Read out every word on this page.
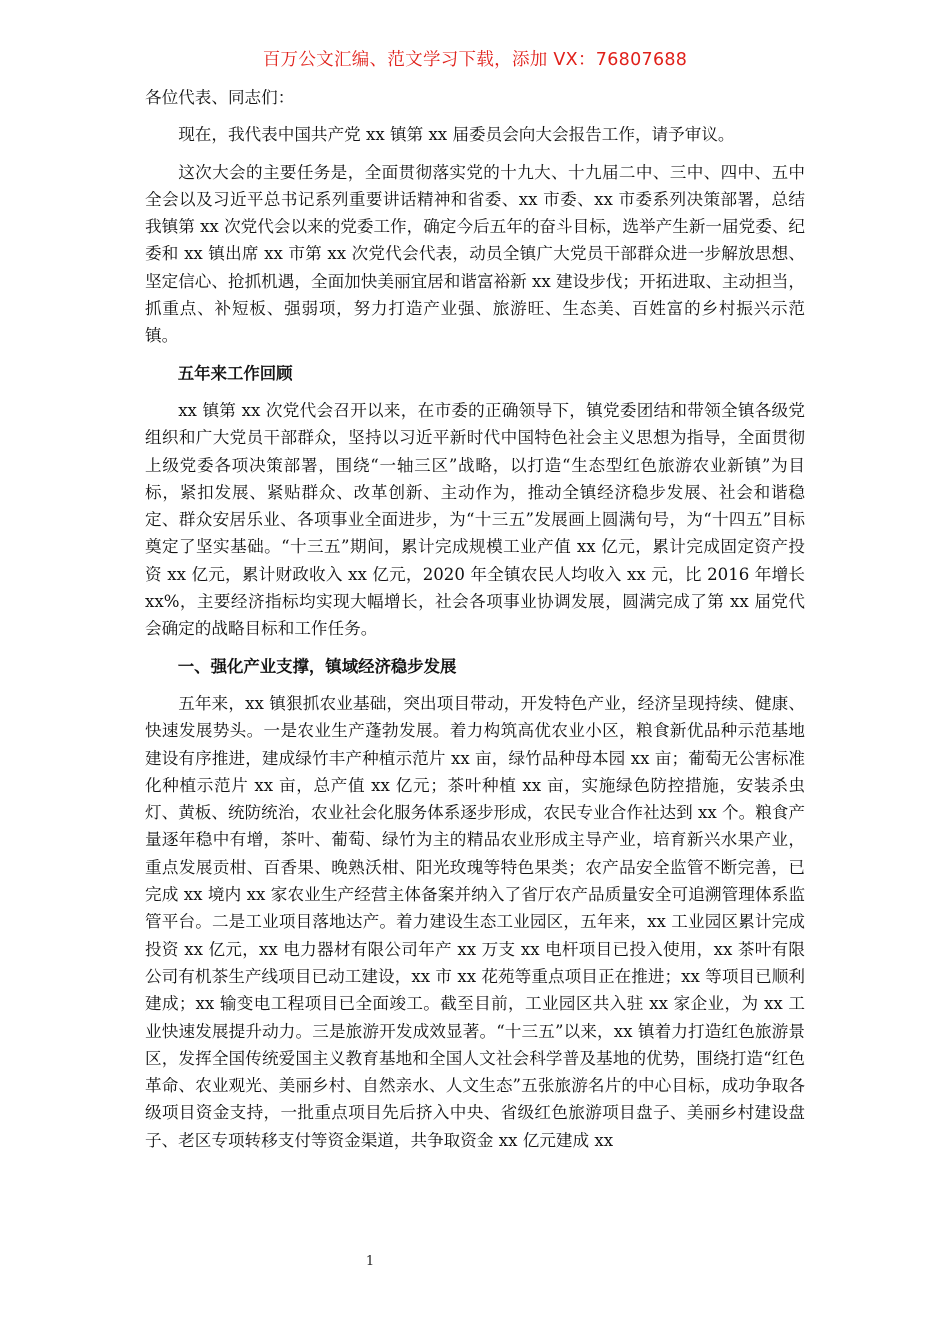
百万公文汇编、范文学习下载，添加 VX：76807688

各位代表、同志们：

现在，我代表中国共产党 xx 镇第 xx 届委员会向大会报告工作，请予审议。

这次大会的主要任务是，全面贯彻落实党的十九大、十九届二中、三中、四中、五中全会以及习近平总书记系列重要讲话精神和省委、xx 市委、xx 市委系列决策部署，总结我镇第 xx 次党代会以来的党委工作，确定今后五年的奋斗目标，选举产生新一届党委、纪委和 xx 镇出席 xx 市第 xx 次党代会代表，动员全镇广大党员干部群众进一步解放思想、坚定信心、抢抓机遇，全面加快美丽宜居和谐富裕新 xx 建设步伐；开拓进取、主动担当，抓重点、补短板、强弱项，努力打造产业强、旅游旺、生态美、百姓富的乡村振兴示范镇。

五年来工作回顾

xx 镇第 xx 次党代会召开以来，在市委的正确领导下，镇党委团结和带领全镇各级党组织和广大党员干部群众，坚持以习近平新时代中国特色社会主义思想为指导，全面贯彻上级党委各项决策部署，围绕“一轴三区”战略，以打造“生态型红色旅游农业新镇”为目标，紧扣发展、紧贴群众、改革创新、主动作为，推动全镇经济稳步发展、社会和谐稳定、群众安居乐业、各项事业全面进步，为“十三五”发展画上圆满句号，为“十四五”目标奠定了坚实基础。“十三五”期间，累计完成规模工业产值 xx 亿元，累计完成固定资产投资 xx 亿元，累计财政收入 xx 亿元，2020 年全镇农民人均收入 xx 元，比 2016 年增长 xx%，主要经济指标均实现大幅增长，社会各项事业协调发展，圆满完成了第 xx 届党代会确定的战略目标和工作任务。

一、强化产业支撑，镇域经济稳步发展

五年来，xx 镇狠抓农业基础，突出项目带动，开发特色产业，经济呈现持续、健康、快速发展势头。一是农业生产蓬勃发展。着力构筑高优农业小区，粮食新优品种示范基地建设有序推进，建成绿竹丰产种植示范片 xx 亩，绿竹品种母本园 xx 亩；葡萄无公害标准化种植示范片 xx 亩，总产值 xx 亿元；茶叶种植 xx 亩，实施绿色防控措施，安装杀虫灯、黄板、统防统治，农业社会化服务体系逐步形成，农民专业合作社达到 xx 个。粮食产量逐年稳中有增，茶叶、葡萄、绿竹为主的精品农业形成主导产业，培育新兴水果产业，重点发展贡柑、百香果、晚熟沃柑、阳光玫瑰等特色果类；农产品安全监管不断完善，已完成 xx 境内 xx 家农业生产经营主体备案并纳入了省厅农产品质量安全可追溯管理体系监管平台。二是工业项目落地达产。着力建设生态工业园区，五年来，xx 工业园区累计完成投资 xx 亿元，xx 电力器材有限公司年产 xx 万支 xx 电杆项目已投入使用，xx 茶叶有限公司有机茶生产线项目已动工建设，xx 市 xx 花苑等重点项目正在推进；xx 等项目已顺利建成；xx 输变电工程项目已全面竣工。截至目前，工业园区共入驻 xx 家企业，为 xx 工业快速发展提升动力。三是旅游开发成效显著。“十三五”以来，xx 镇着力打造红色旅游景区，发挥全国传统爱国主义教育基地和全国人文社会科学普及基地的优势，围绕打造“红色革命、农业观光、美丽乡村、自然亲水、人文生态”五张旅游名片的中心目标，成功争取各级项目资金支持，一批重点项目先后挤入中央、省级红色旅游项目盘子、美丽乡村建设盘子、老区专项转移支付等资金渠道，共争取资金 xx 亿元建成 xx

1
